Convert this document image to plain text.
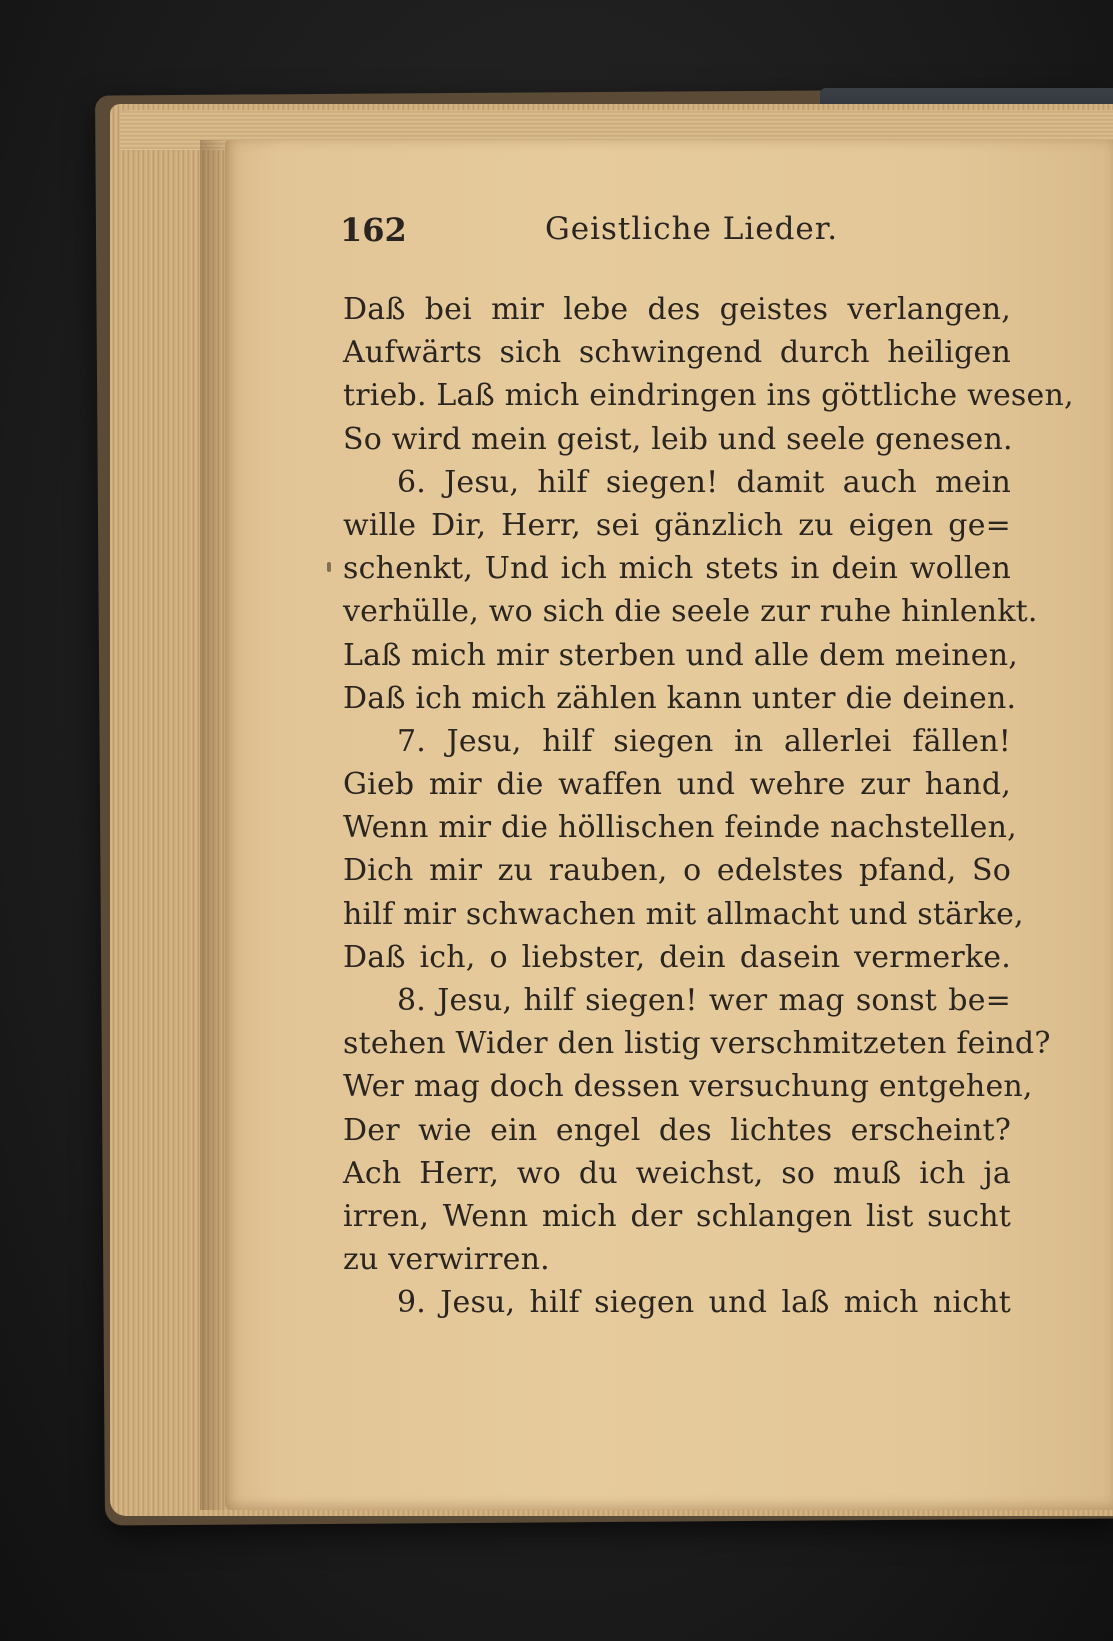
162	Geistliche Lieder.
Daß bei mir lebe des geistes verlangen,
Aufwärts sich schwingend durch heiligen
trieb. Laß mich eindringen ins göttliche wesen,
So wird mein geist, leib und seele genesen.
6. Jesu, hilf siegen! damit auch mein
wille Dir, Herr, sei gänzlich zu eigen ge=
schenkt, Und ich mich stets in dein wollen
verhülle, wo sich die seele zur ruhe hinlenkt.
Laß mich mir sterben und alle dem meinen,
Daß ich mich zählen kann unter die deinen.
7. Jesu, hilf siegen in allerlei fällen!
Gieb mir die waffen und wehre zur hand,
Wenn mir die höllischen feinde nachstellen,
Dich mir zu rauben, o edelstes pfand, So
hilf mir schwachen mit allmacht und stärke,
Daß ich, o liebster, dein dasein vermerke.
8. Jesu, hilf siegen! wer mag sonst be=
stehen Wider den listig verschmitzeten feind?
Wer mag doch dessen versuchung entgehen,
Der wie ein engel des lichtes erscheint?
Ach Herr, wo du weichst, so muß ich ja
irren, Wenn mich der schlangen list sucht
zu verwirren.
9. Jesu, hilf siegen und laß mich nicht
